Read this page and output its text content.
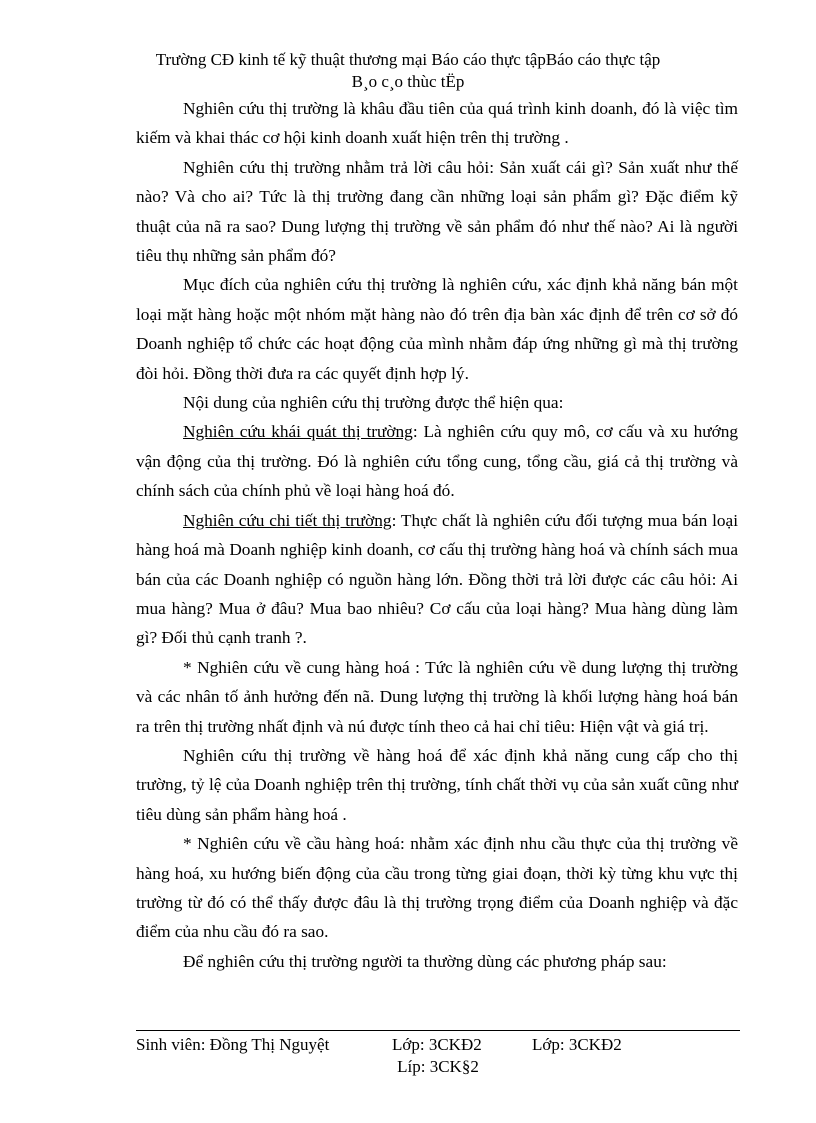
Trường CĐ kinh tế kỹ thuật thương mại Báo cáo thực tậpBáo cáo thực tập
B¸o c¸o thùc tËp

Nghiên cứu thị trường là khâu đầu tiên của quá trình kinh doanh, đó là việc tìm kiếm và khai thác cơ hội kinh doanh xuất hiện trên thị trường .

Nghiên cứu thị trường nhằm trả lời câu hỏi: Sản xuất cái gì? Sản xuất như thế nào? Và cho ai? Tức là thị trường đang cần những loại sản phẩm gì? Đặc điểm kỹ thuật của nã ra sao? Dung lượng thị trường về sản phẩm đó như thế nào? Ai là người tiêu thụ những sản phẩm đó?

Mục đích của nghiên cứu thị trường là nghiên cứu, xác định khả năng bán một loại mặt hàng hoặc một nhóm mặt hàng nào đó trên địa bàn xác định để trên cơ sở đó Doanh nghiệp tổ chức các hoạt động của mình nhằm đáp ứng những gì mà thị trường đòi hỏi. Đồng thời đưa ra các quyết định hợp lý.

Nội dung của nghiên cứu thị trường được thể hiện qua:

Nghiên cứu khái quát thị trường: Là nghiên cứu quy mô, cơ cấu và xu hướng vận động của thị trường. Đó là nghiên cứu tổng cung, tổng cầu, giá cả thị trường và chính sách của chính phủ về loại hàng hoá đó.

Nghiên cứu chi tiết thị trường: Thực chất là nghiên cứu đối tượng mua bán loại hàng hoá mà Doanh nghiệp kinh doanh, cơ cấu thị trường hàng hoá và chính sách mua bán của các Doanh nghiệp có nguồn hàng lớn. Đồng thời trả lời được các câu hỏi: Ai mua hàng? Mua ở đâu? Mua bao nhiêu? Cơ cấu của loại hàng? Mua hàng dùng làm gì? Đối thủ cạnh tranh ?.

* Nghiên cứu về cung hàng hoá : Tức là nghiên cứu về dung lượng thị trường và các nhân tố ảnh hưởng đến nã. Dung lượng thị trường là khối lượng hàng hoá bán ra trên thị trường nhất định và nú được tính theo cả hai chỉ tiêu: Hiện vật và giá trị.

Nghiên cứu thị trường về hàng hoá để xác định khả năng cung cấp cho thị trường, tỷ lệ của Doanh nghiệp trên thị trường, tính chất thời vụ của sản xuất cũng như tiêu dùng sản phẩm hàng hoá .

* Nghiên cứu về cầu hàng hoá: nhằm xác định nhu cầu thực của thị trường về hàng hoá, xu hướng biến động của cầu trong từng giai đoạn, thời kỳ từng khu vực thị trường từ đó có thể thấy được đâu là thị trường trọng điểm của Doanh nghiệp và đặc điểm của nhu cầu đó ra sao.

Để nghiên cứu thị trường người ta thường dùng các phương pháp sau:

Sinh viên: Đồng Thị Nguyệt	Lớp: 3CKĐ2	Lớp: 3CKĐ2
Líp: 3CK§2
